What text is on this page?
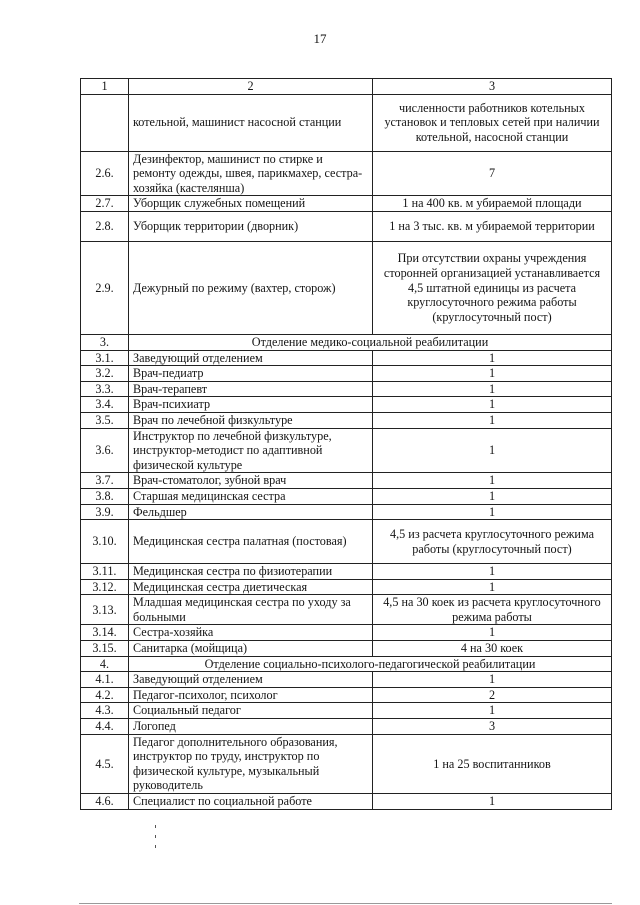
17
1	2	3
	котельной, машинист насосной станции	численности работников котельных установок и тепловых сетей при наличии котельной, насосной станции
2.6.	Дезинфектор, машинист по стирке и ремонту одежды, швея, парикмахер, сестра-хозяйка (кастелянша)	7
2.7.	Уборщик служебных помещений	1 на 400 кв. м убираемой площади
2.8.	Уборщик территории (дворник)	1 на 3 тыс. кв. м убираемой территории
2.9.	Дежурный по режиму (вахтер, сторож)	При отсутствии охраны учреждения сторонней организацией устанавливается 4,5 штатной единицы из расчета круглосуточного режима работы (круглосуточный пост)
3.	Отделение медико-социальной реабилитации	
3.1.	Заведующий отделением	1
3.2.	Врач-педиатр	1
3.3.	Врач-терапевт	1
3.4.	Врач-психиатр	1
3.5.	Врач по лечебной физкультуре	1
3.6.	Инструктор по лечебной физкультуре, инструктор-методист по адаптивной физической культуре	1
3.7.	Врач-стоматолог, зубной врач	1
3.8.	Старшая медицинская сестра	1
3.9.	Фельдшер	1
3.10.	Медицинская сестра палатная (постовая)	4,5 из расчета круглосуточного режима работы (круглосуточный пост)
3.11.	Медицинская сестра по физиотерапии	1
3.12.	Медицинская сестра диетическая	1
3.13.	Младшая медицинская сестра по уходу за больными	4,5 на 30 коек из расчета круглосуточного режима работы
3.14.	Сестра-хозяйка	1
3.15.	Санитарка (мойщица)	4 на 30 коек
4.	Отделение социально-психолого-педагогической реабилитации	
4.1.	Заведующий отделением	1
4.2.	Педагог-психолог, психолог	2
4.3.	Социальный педагог	1
4.4.	Логопед	3
4.5.	Педагог дополнительного образования, инструктор по труду, инструктор по физической культуре, музыкальный руководитель	1 на 25 воспитанников
4.6.	Специалист по социальной работе	1
